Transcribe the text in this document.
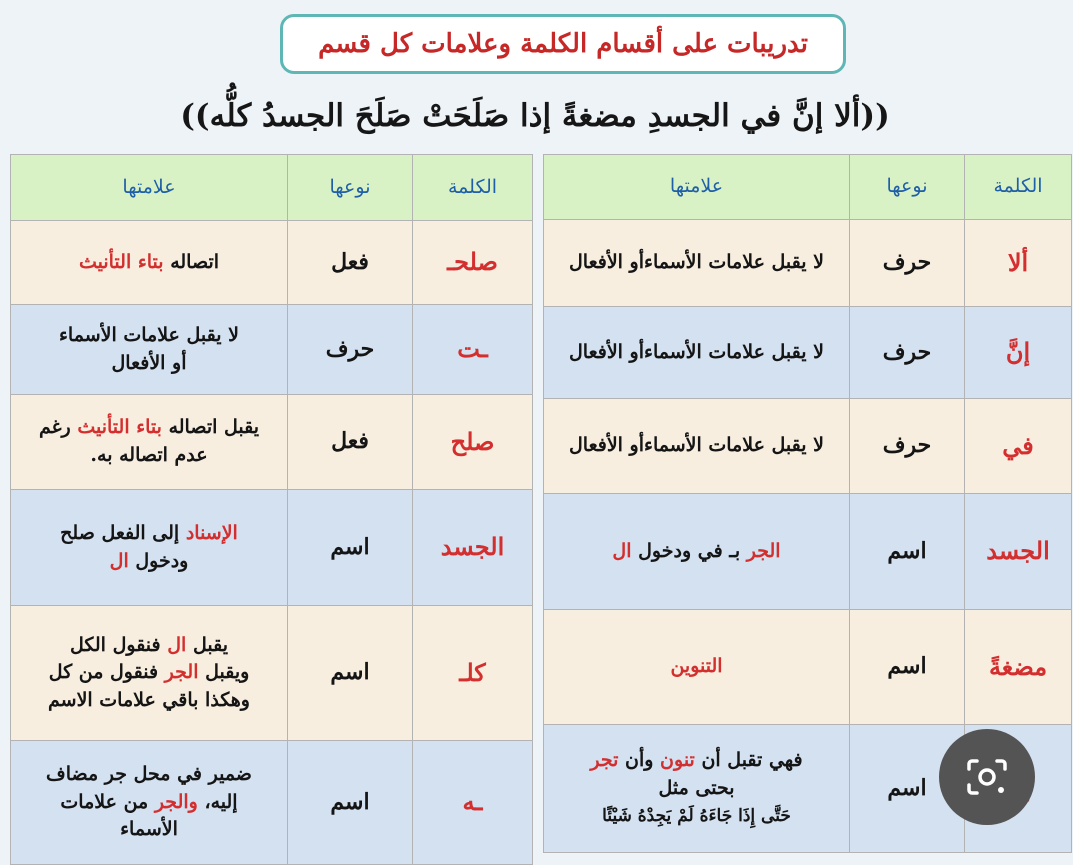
تدريبات على أقسام الكلمة وعلامات كل قسم
((ألا إنَّ في الجسدِ مضغةً إذا صَلَحَتْ صَلَحَ الجسدُ كلُّه))
الكلمة	نوعها	علامتها
ألا	حرف	لا يقبل علامات الأسماءأو الأفعال
إنَّ	حرف	لا يقبل علامات الأسماءأو الأفعال
في	حرف	لا يقبل علامات الأسماءأو الأفعال
الجسد	اسم	الجر بـ في ودخول ال
مضغةً	اسم	التنوين
	اسم	فهي تقبل أن تنون وأن تجر
بحتى مثل
حَتَّى إِذَا جَاءَهُ لَمْ يَجِدْهُ شَيْئًا
الكلمة	نوعها	علامتها
صلحـ	فعل	اتصاله بتاء التأنيث
ـت	حرف	لا يقبل علامات الأسماء
أو الأفعال
صلح	فعل	يقبل اتصاله بتاء التأنيث رغم
عدم اتصاله به.
الجسد	اسم	الإسناد إلى الفعل صلح
ودخول ال
كلـ	اسم	يقبل ال فنقول الكل
ويقبل الجر فنقول من كل
وهكذا باقي علامات الاسم
ـه	اسم	ضمير في محل جر مضاف
إليه، والجر من علامات
الأسماء
